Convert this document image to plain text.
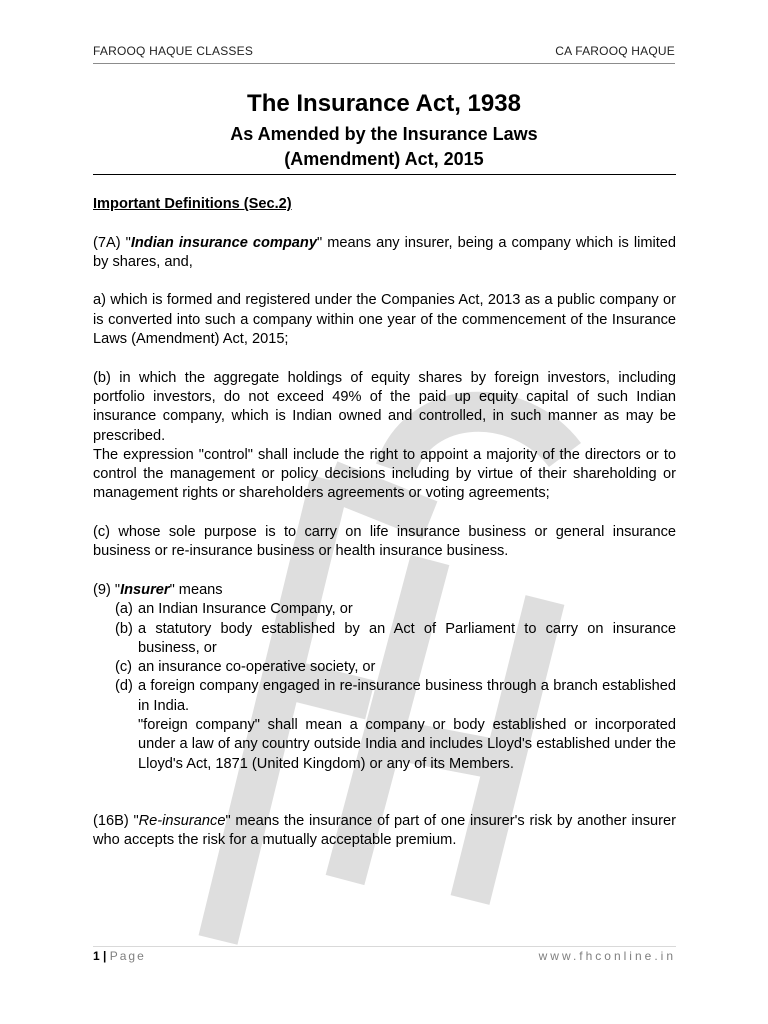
FAROOQ HAQUE CLASSES	CA FAROOQ HAQUE
The Insurance Act, 1938
As Amended by the Insurance Laws
(Amendment) Act, 2015

Important Definitions (Sec.2)

(7A) "Indian insurance company" means any insurer, being a company which is limited by shares, and,

a) which is formed and registered under the Companies Act, 2013 as a public company or is converted into such a company within one year of the commencement of the Insurance Laws (Amendment) Act, 2015;

(b) in which the aggregate holdings of equity shares by foreign investors, including portfolio investors, do not exceed 49% of the paid up equity capital of such Indian insurance company, which is Indian owned and controlled, in such manner as may be prescribed.

The expression "control" shall include the right to appoint a majority of the directors or to control the management or policy decisions including by virtue of their shareholding or management rights or shareholders agreements or voting agreements;

(c) whose sole purpose is to carry on life insurance business or general insurance business or re-insurance business or health insurance business.

(9) "Insurer" means

(a) an Indian Insurance Company, or
(b) a statutory body established by an Act of Parliament to carry on insurance business, or
(c) an insurance co-operative society, or
(d) a foreign company engaged in re-insurance business through a branch established in India.
"foreign company" shall mean a company or body established or incorporated under a law of any country outside India and includes Lloyd's established under the Lloyd's Act, 1871 (United Kingdom) or any of its Members.

(16B) "Re-insurance" means the insurance of part of one insurer's risk by another insurer who accepts the risk for a mutually acceptable premium.

1 | Page	www.fhconline.in
